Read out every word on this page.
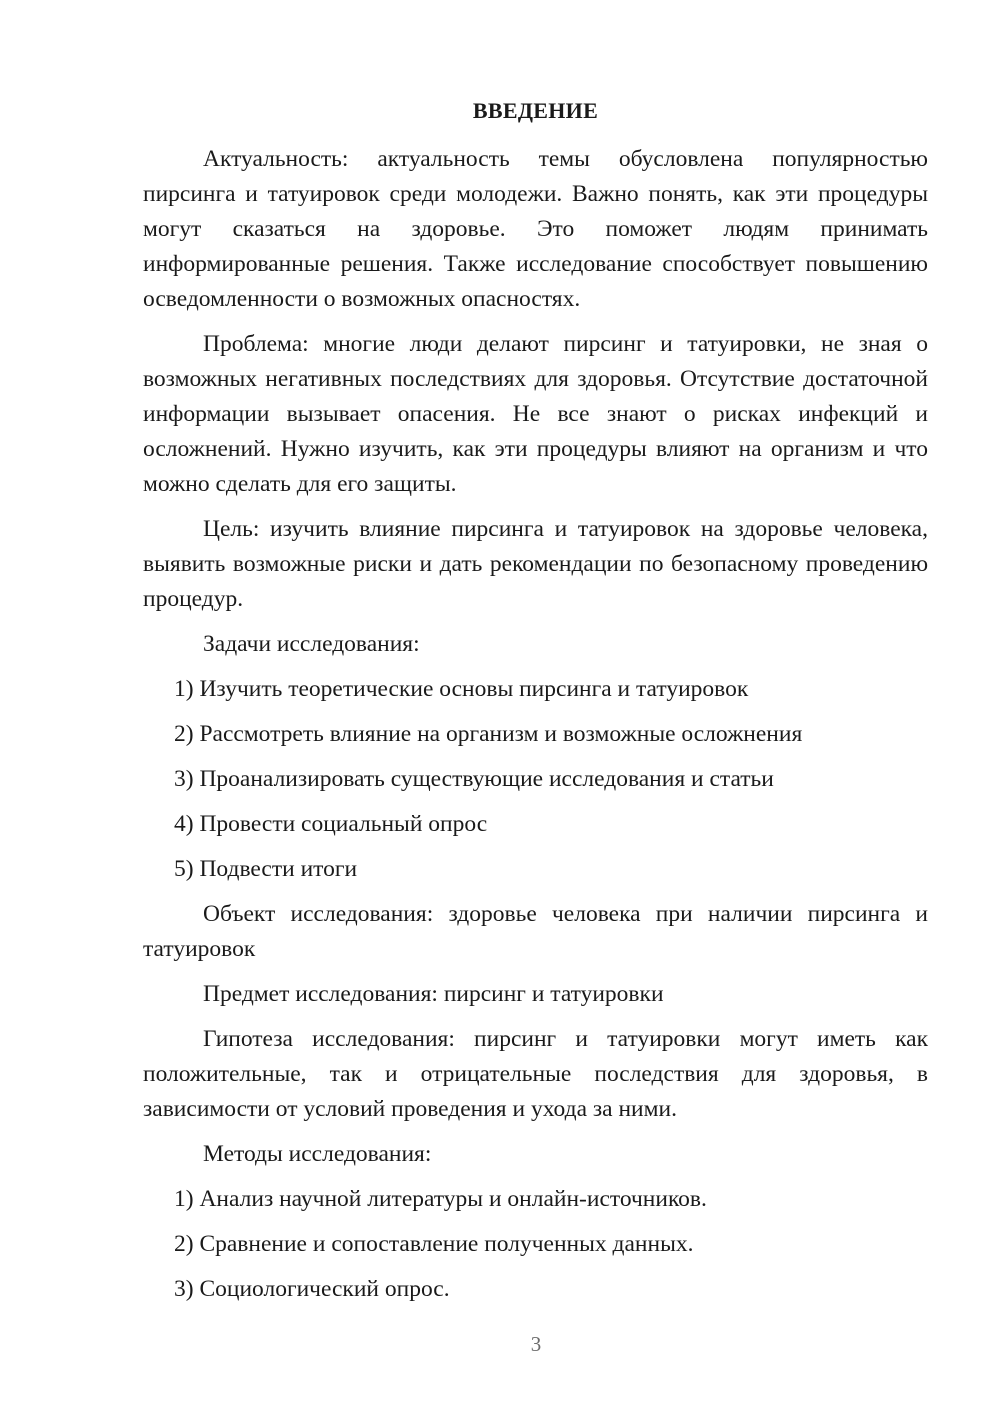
ВВЕДЕНИЕ

Актуальность: актуальность темы обусловлена популярностью пирсинга и татуировок среди молодежи. Важно понять, как эти процедуры могут сказаться на здоровье. Это поможет людям принимать информированные решения. Также исследование способствует повышению осведомленности о возможных опасностях.

Проблема: многие люди делают пирсинг и татуировки, не зная о возможных негативных последствиях для здоровья. Отсутствие достаточной информации вызывает опасения. Не все знают о рисках инфекций и осложнений. Нужно изучить, как эти процедуры влияют на организм и что можно сделать для его защиты.

Цель: изучить влияние пирсинга и татуировок на здоровье человека, выявить возможные риски и дать рекомендации по безопасному проведению процедур.

Задачи исследования:

1) Изучить теоретические основы пирсинга и татуировок

2) Рассмотреть влияние на организм и возможные осложнения

3) Проанализировать существующие исследования и статьи

4) Провести социальный опрос

5) Подвести итоги

Объект исследования: здоровье человека при наличии пирсинга и татуировок

Предмет исследования: пирсинг и татуировки

Гипотеза исследования: пирсинг и татуировки могут иметь как положительные, так и отрицательные последствия для здоровья, в зависимости от условий проведения и ухода за ними.

Методы исследования:

1) Анализ научной литературы и онлайн-источников.

2) Сравнение и сопоставление полученных данных.

3) Социологический опрос.

3
